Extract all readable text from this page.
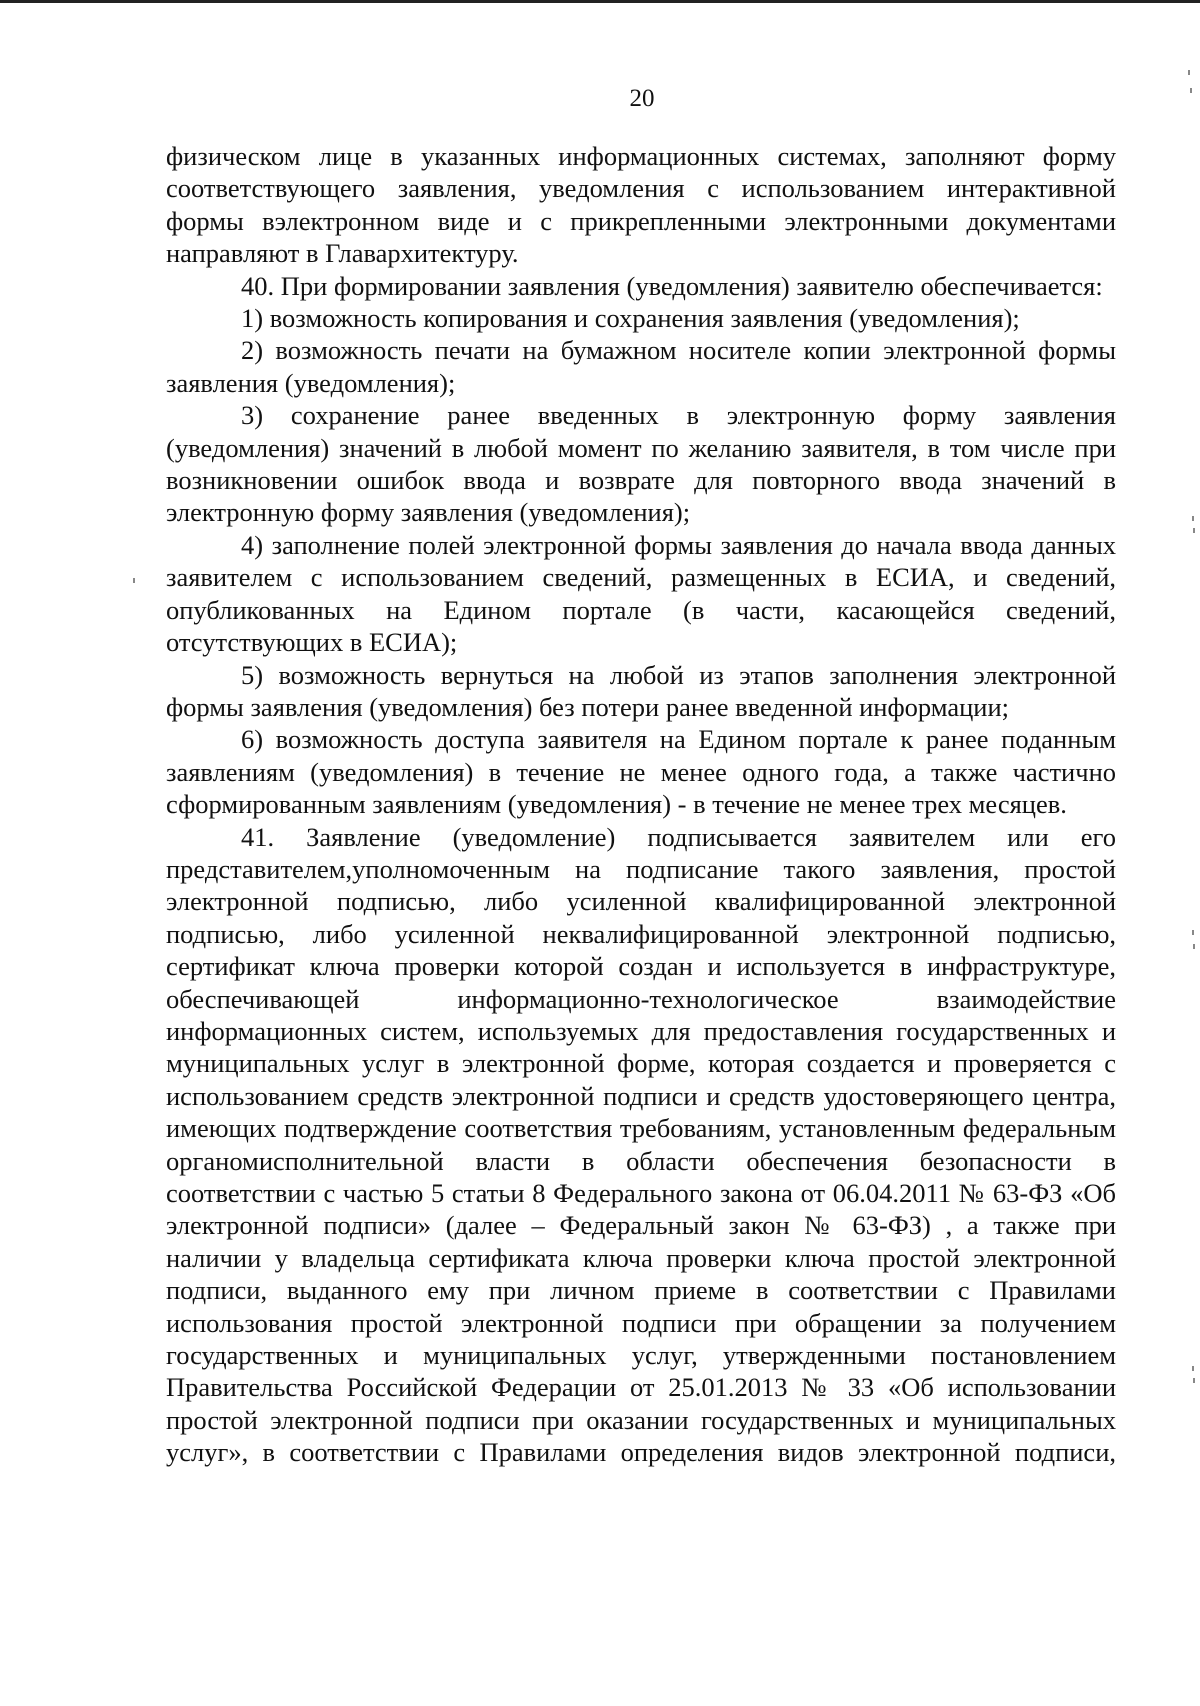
20

физическом лице в указанных информационных системах, заполняют форму соответствующего заявления, уведомления с использованием интерактивной формы вэлектронном виде и с прикрепленными электронными документами направляют в Главархитектуру.

40. При формировании заявления (уведомления) заявителю обеспечивается:

1) возможность копирования и сохранения заявления (уведомления);

2) возможность печати на бумажном носителе копии электронной формы заявления (уведомления);

3) сохранение ранее введенных в электронную форму заявления (уведомления) значений в любой момент по желанию заявителя, в том числе при возникновении ошибок ввода и возврате для повторного ввода значений в электронную форму заявления (уведомления);

4) заполнение полей электронной формы заявления до начала ввода данных заявителем с использованием сведений, размещенных в ЕСИА, и сведений, опубликованных на Едином портале (в части, касающейся сведений, отсутствующих в ЕСИА);

5) возможность вернуться на любой из этапов заполнения электронной формы заявления (уведомления) без потери ранее введенной информации;

6) возможность доступа заявителя на Едином портале к ранее поданным заявлениям (уведомления) в течение не менее одного года, а также частично сформированным заявлениям (уведомления) - в течение не менее трех месяцев.

41. Заявление (уведомление) подписывается заявителем или его представителем,уполномоченным на подписание такого заявления, простой электронной подписью, либо усиленной квалифицированной электронной подписью, либо усиленной неквалифицированной электронной подписью, сертификат ключа проверки которой создан и используется в инфраструктуре, обеспечивающей информационно-технологическое взаимодействие информационных систем, используемых для предоставления государственных и муниципальных услуг в электронной форме, которая создается и проверяется с использованием средств электронной подписи и средств удостоверяющего центра, имеющих подтверждение соответствия требованиям, установленным федеральным органомисполнительной власти в области обеспечения безопасности в соответствии с частью 5 статьи 8 Федерального закона от 06.04.2011 № 63-ФЗ «Об электронной подписи» (далее – Федеральный закон № 63-ФЗ) , а также при наличии у владельца сертификата ключа проверки ключа простой электронной подписи, выданного ему при личном приеме в соответствии с Правилами использования простой электронной подписи при обращении за получением государственных и муниципальных услуг, утвержденными постановлением Правительства Российской Федерации от 25.01.2013 № 33 «Об использовании простой электронной подписи при оказании государственных и муниципальных услуг», в соответствии с Правилами определения видов электронной подписи,
